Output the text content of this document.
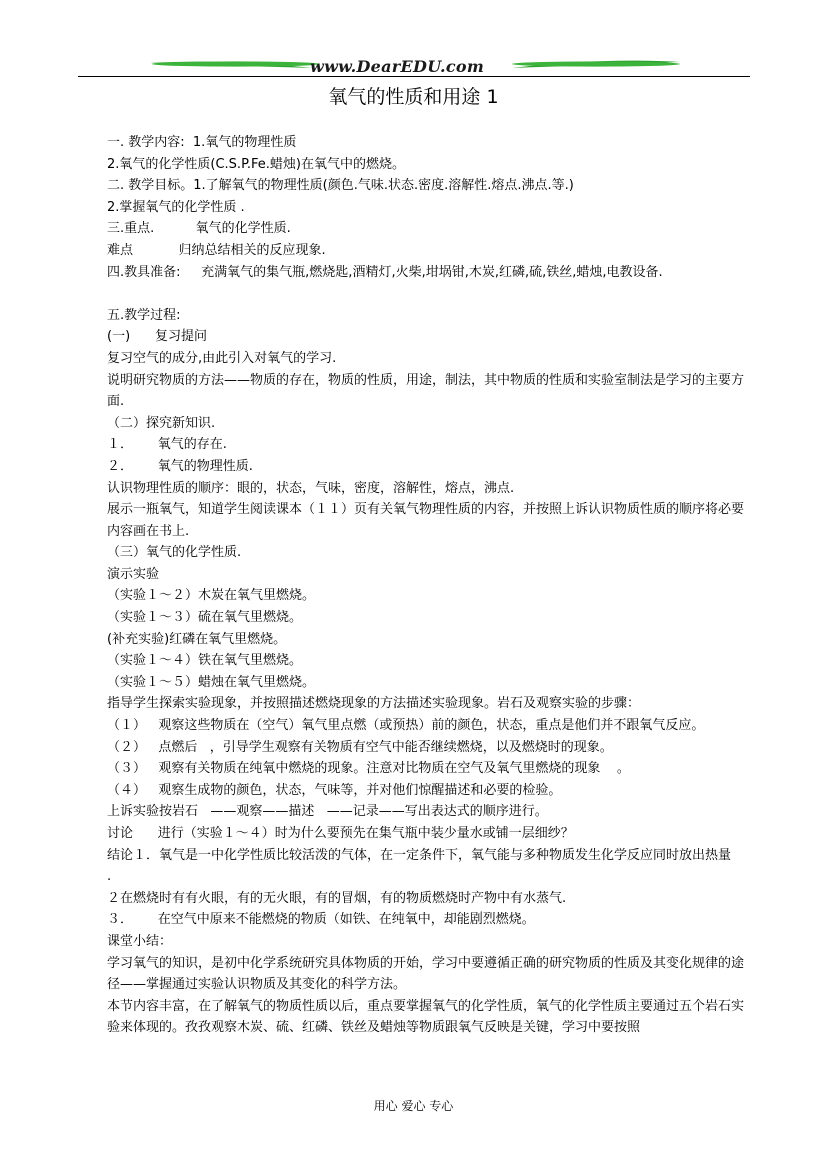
www.DearEDU.com
氧气的性质和用途 1
一. 教学内容:  1.氧气的物理性质
2.氧气的化学性质(C.S.P.Fe.蜡烛)在氧气中的燃烧。
二. 教学目标。1.了解氧气的物理性质(颜色.气味.状态.密度.溶解性.熔点.沸点.等.)
2.掌握氧气的化学性质 .
三.重点.          氧气的化学性质.
难点           归纳总结相关的反应现象.
四.教具准备:     充满氧气的集气瓶,燃烧匙,酒精灯,火柴,坩埚钳,木炭,红磷,硫,铁丝,蜡烛,电教设备.
五.教学过程:
(一)      复习提问
复习空气的成分,由此引入对氧气的学习.
说明研究物质的方法——物质的存在，物质的性质，用途，制法，其中物质的性质和实验室制法是学习的主要方面.
（二）探究新知识.
１．      氧气的存在.
２．      氧气的物理性质.
认识物理性质的顺序：眼的，状态，气味，密度，溶解性，熔点，沸点.
展示一瓶氧气，知道学生阅读课本（１１）页有关氧气物理性质的内容，并按照上诉认识物质性质的顺序将必要内容画在书上.
（三）氧气的化学性质.
演示实验
（实验１～２）木炭在氧气里燃烧。
（实验１～３）硫在氧气里燃烧。
(补充实验)红磷在氧气里燃烧。
（实验１～４）铁在氧气里燃烧。
（实验１～５）蜡烛在氧气里燃烧。
指导学生探索实验现象，并按照描述燃烧现象的方法描述实验现象。岩石及观察实验的步骤：
（１）   观察这些物质在（空气）氧气里点燃（或预热）前的颜色，状态，重点是他们并不跟氧气反应。
（２）   点燃后   ，引导学生观察有关物质有空气中能否继续燃烧，以及燃烧时的现象。
（３）   观察有关物质在纯氧中燃烧的现象。注意对比物质在空气及氧气里燃烧的现象    。
（４）   观察生成物的颜色，状态，气味等，并对他们惊醒描述和必要的检验。
上诉实验按岩石   ——观察——描述   ——记录——写出表达式的顺序进行。
讨论      进行（实验１～４）时为什么要预先在集气瓶中装少量水或铺一层细纱？
结论１．氧气是一中化学性质比较活泼的气体，在一定条件下，氧气能与多种物质发生化学反应同时放出热量    .
２在燃烧时有有火眼，有的无火眼，有的冒烟，有的物质燃烧时产物中有水蒸气.
３．      在空气中原来不能燃烧的物质（如铁、在纯氧中，却能剧烈燃烧。
课堂小结：
学习氧气的知识，是初中化学系统研究具体物质的开始，学习中要遵循正确的研究物质的性质及其变化规律的途径——掌握通过实验认识物质及其变化的科学方法。
本节内容丰富，在了解氧气的物质性质以后，重点要掌握氧气的化学性质，氧气的化学性质主要通过五个岩石实验来体现的。孜孜观察木炭、硫、红磷、铁丝及蜡烛等物质跟氧气反映是关键，学习中要按照
用心 爱心 专心
